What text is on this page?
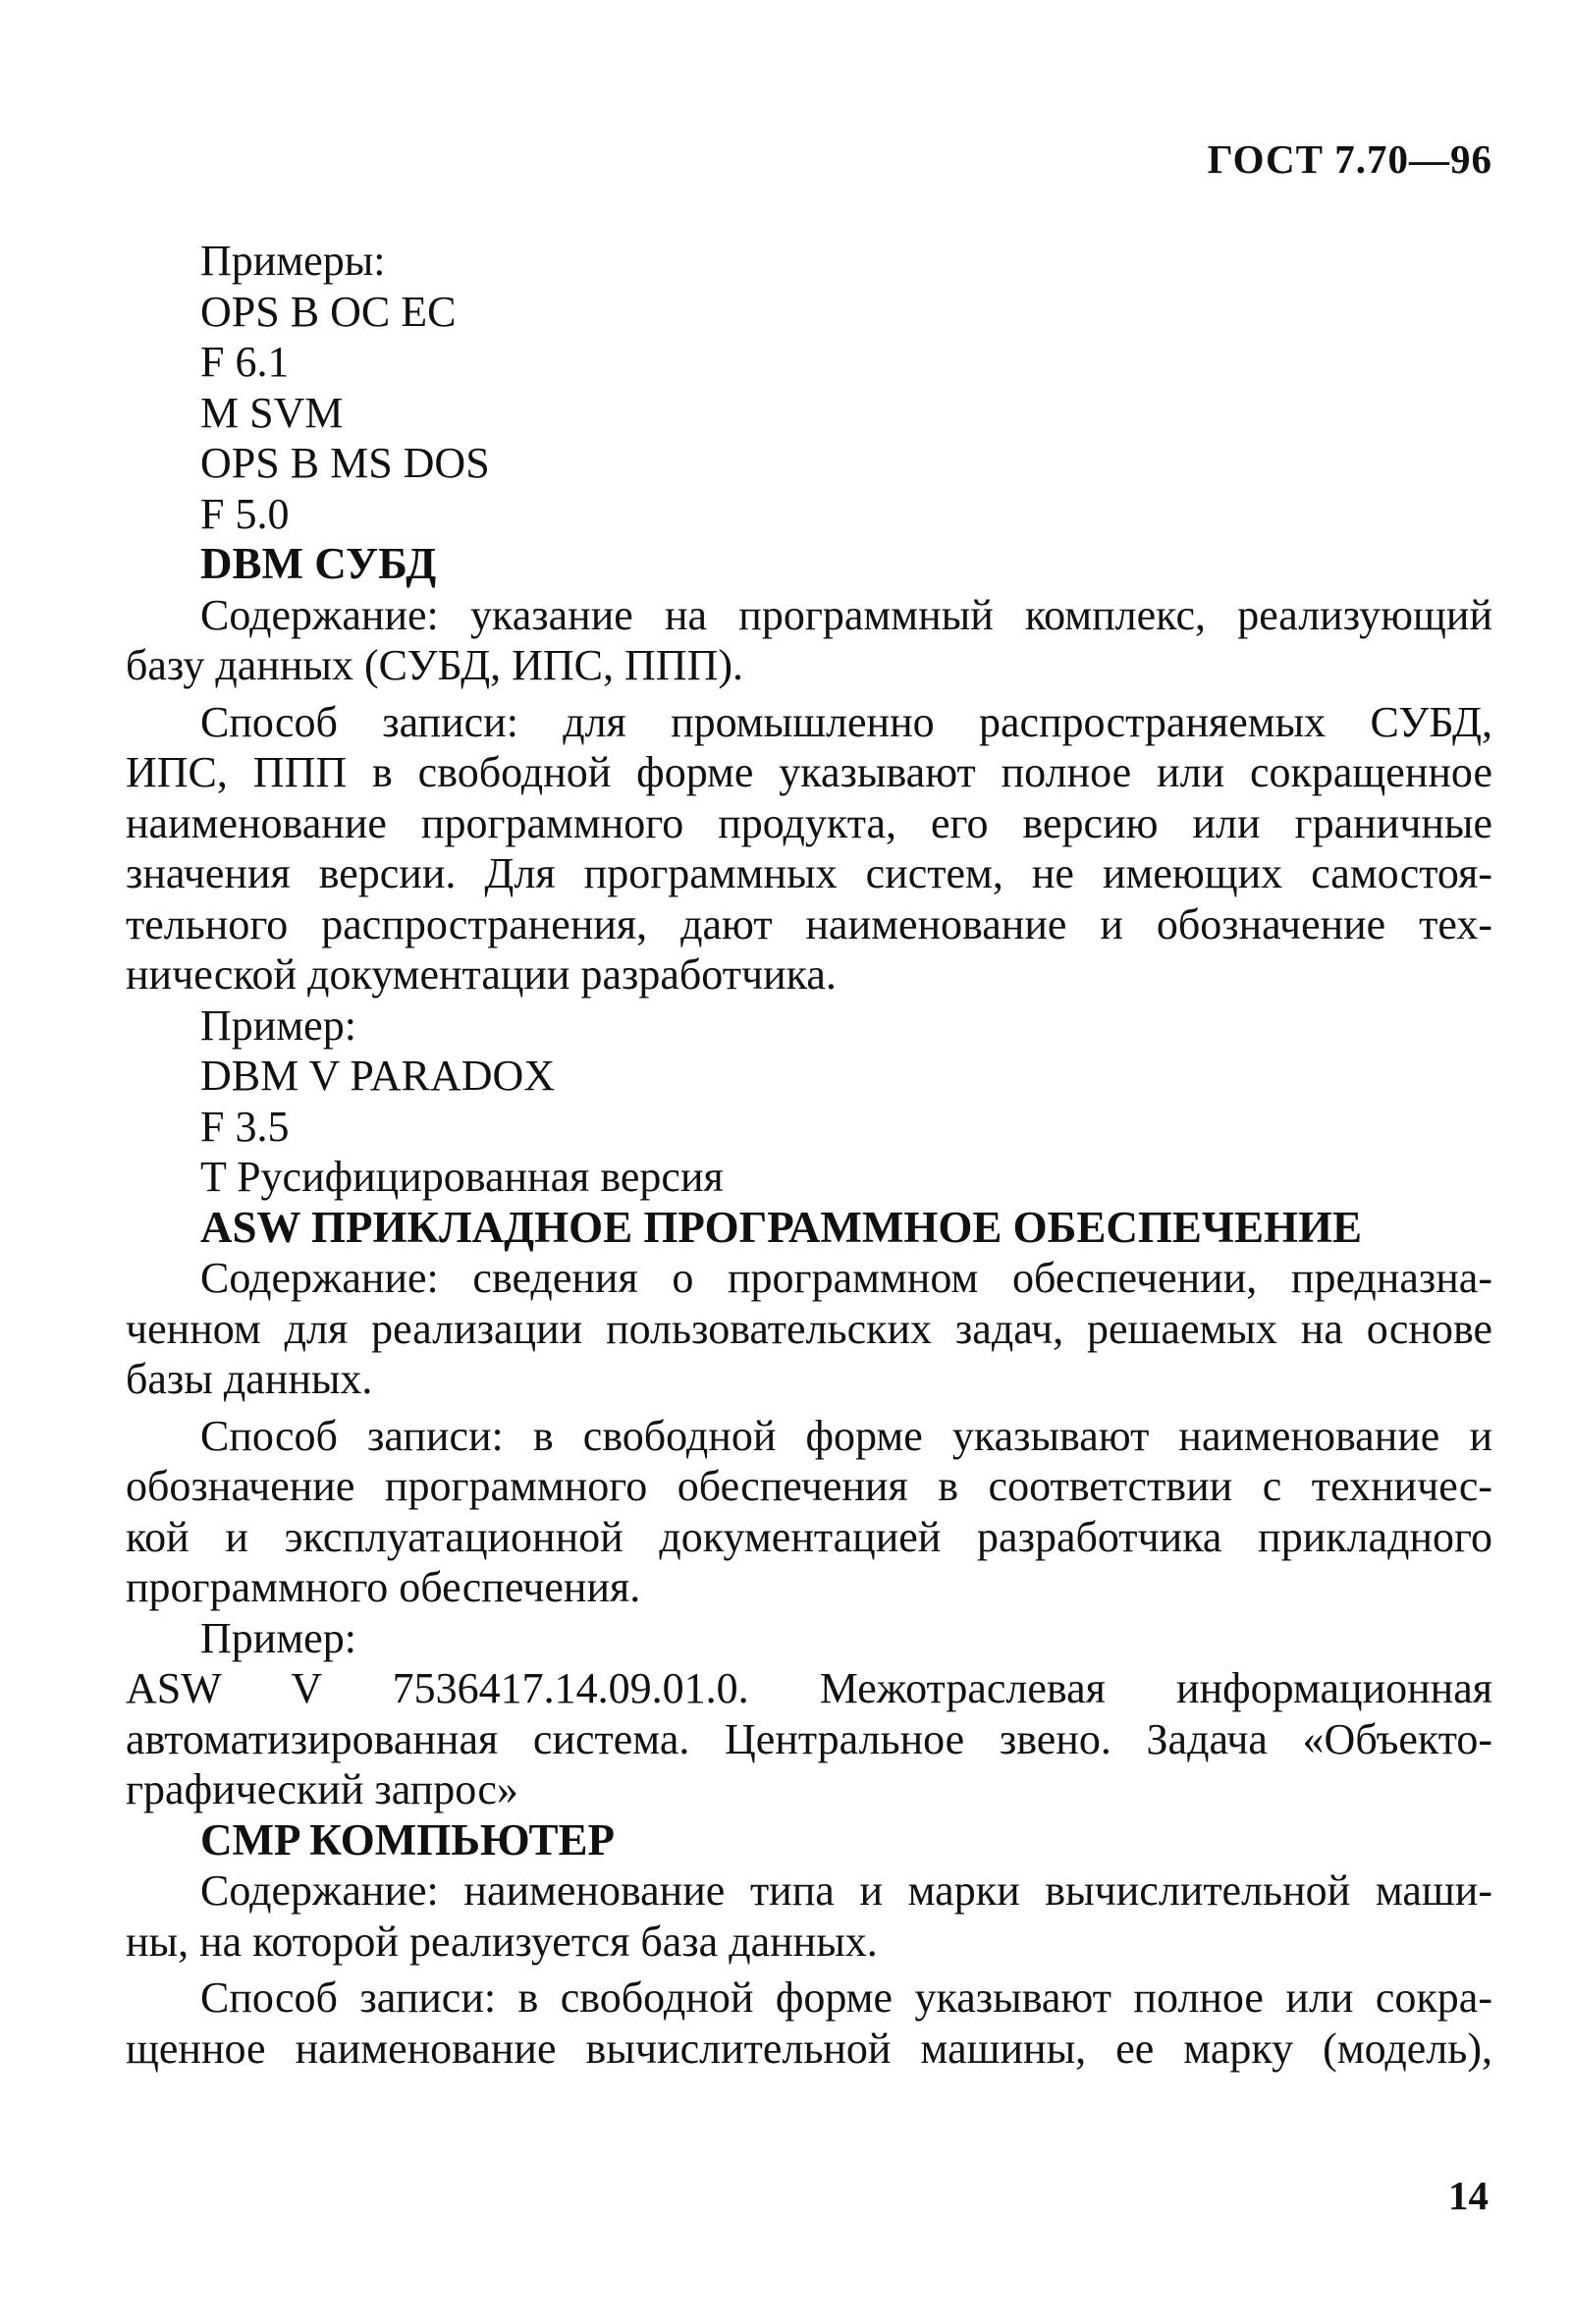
ГОСТ 7.70—96
Примеры:
OPS B OC EC
F 6.1
M SVM
OPS B MS DOS
F 5.0
DBM СУБД
Содержание: указание на программный комплекс, реализующий
базу данных (СУБД, ИПС, ППП).
Способ записи: для промышленно распространяемых СУБД,
ИПС, ППП в свободной форме указывают полное или сокращенное
наименование программного продукта, его версию или граничные
значения версии. Для программных систем, не имеющих самостоя-
тельного распространения, дают наименование и обозначение тех-
нической документации разработчика.
Пример:
DBM V PARADOX
F 3.5
T Русифицированная версия
ASW ПРИКЛАДНОЕ ПРОГРАММНОЕ ОБЕСПЕЧЕНИЕ
Содержание: сведения о программном обеспечении, предназна-
ченном для реализации пользовательских задач, решаемых на основе
базы данных.
Способ записи: в свободной форме указывают наименование и
обозначение программного обеспечения в соответствии с техничес-
кой и эксплуатационной документацией разработчика прикладного
программного обеспечения.
Пример:
ASW V 7536417.14.09.01.0. Межотраслевая информационная
автоматизированная система. Центральное звено. Задача «Объекто-
графический запрос»
CMP КОМПЬЮТЕР
Содержание: наименование типа и марки вычислительной маши-
ны, на которой реализуется база данных.
Способ записи: в свободной форме указывают полное или сокра-
щенное наименование вычислительной машины, ее марку (модель),
14
